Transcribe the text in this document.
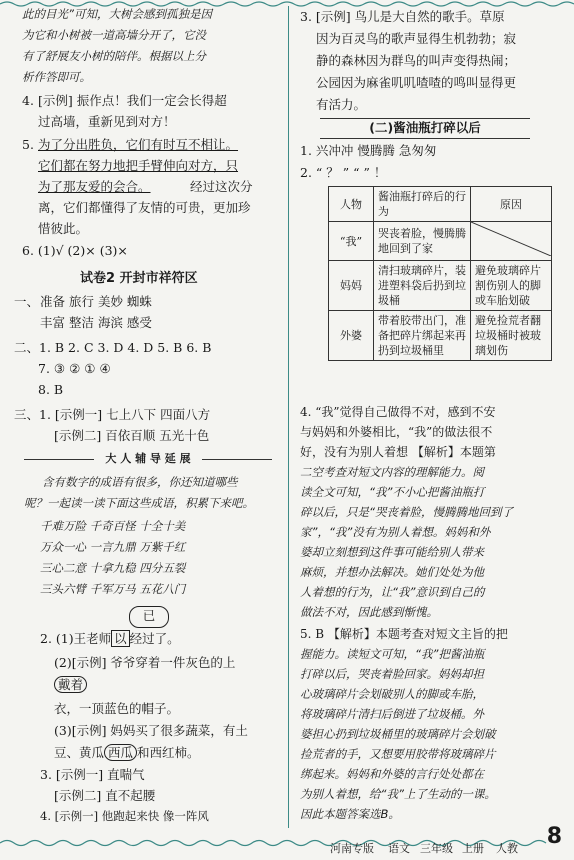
此的目光”可知，大树会感到孤独是因
为它和小树被一道高墙分开了，它没
有了舒展友小树的陪伴。根据以上分
析作答即可。
4. [示例] 振作点！我们一定会长得超
过高墙，重新见到对方！
5. 为了分出胜负，它们有时互不相让。
它们都在努力地把手臂伸向对方，只
为了那友爱的会合。	经过这次分
离，它们都懂得了友情的可贵，更加珍
惜彼此。
6. (1)√ (2)× (3)×
试卷2 开封市祥符区
一、 准备 旅行 美妙 蜘蛛
丰富 整洁 海滨 感受
二、1. B 2. C 3. D 4. D 5. B 6. B
7. ③ ② ① ④
8. B
三、1. [示例一] 七上八下 四面八方
[示例二] 百依百顺 五光十色
大 人 辅 导 延 展
含有数字的成语有很多，你还知道哪些
呢？一起读一读下面这些成语，积累下来吧。
千难万险 千奇百怪 十全十美
万众一心 一言九鼎 万紫千红
三心二意 十拿九稳 四分五裂
三头六臂 千军万马 五花八门
已
2. (1)王老师 以 经过了。
(2)[示例] 爷爷穿着一件灰色的上
戴着
衣，一顶蓝色的帽子。
(3)[示例] 妈妈买了很多蔬菜，有土
豆、黄瓜 西瓜 和西红柿。
3. [示例一] 直喘气
[示例二] 直不起腰
3. [示例] 鸟儿是大自然的歌手。草原
因为百灵鸟的歌声显得生机勃勃；寂
静的森林因为群鸟的叫声变得热闹；
公园因为麻雀叽叽喳喳的鸣叫显得更
有活力。
(二)酱油瓶打碎以后
1. 兴冲冲 慢腾腾 急匆匆
2. “ ？ ” “ ” ！
人物	酱油瓶打碎后的行为	原因
“我”	哭丧着脸，慢腾腾地回到了家	
妈妈	清扫玻璃碎片，装进塑料袋后扔到垃圾桶	避免玻璃碎片割伤别人的脚或车胎划破
外婆	带着胶带出门，准备把碎片绑起来再扔到垃圾桶里	避免捡荒者翻垃圾桶时被玻璃划伤
4. “我”觉得自己做得不对，感到不安
与妈妈和外婆相比，“我”的做法很不
好，没有为别人着想 【解析】本题第
二空考查对短文内容的理解能力。阅
读全文可知，“我”不小心把酱油瓶打
碎以后，只是“哭丧着脸，慢腾腾地回到了
家”，“我”没有为别人着想。妈妈和外
婆却立刻想到这件事可能给别人带来
麻烦，并想办法解决。她们处处为他
人着想的行为，让“我”意识到自己的
做法不对，因此感到惭愧。
5. B 【解析】本题考查对短文主旨的把
握能力。读短文可知，“我”把酱油瓶
打碎以后，哭丧着脸回家。妈妈却担
心玻璃碎片会划破别人的脚或车胎，
将玻璃碎片清扫后倒进了垃圾桶。外
婆担心扔到垃圾桶里的玻璃碎片会划破
捡荒者的手，又想要用胶带将玻璃碎片
绑起来。妈妈和外婆的言行处处都在
为别人着想，给“我”上了生动的一课。
因此本题答案选B。
4. [示例一] 他跑起来快 像一阵风
河南专版 语文 三年级 上册 人教 8
